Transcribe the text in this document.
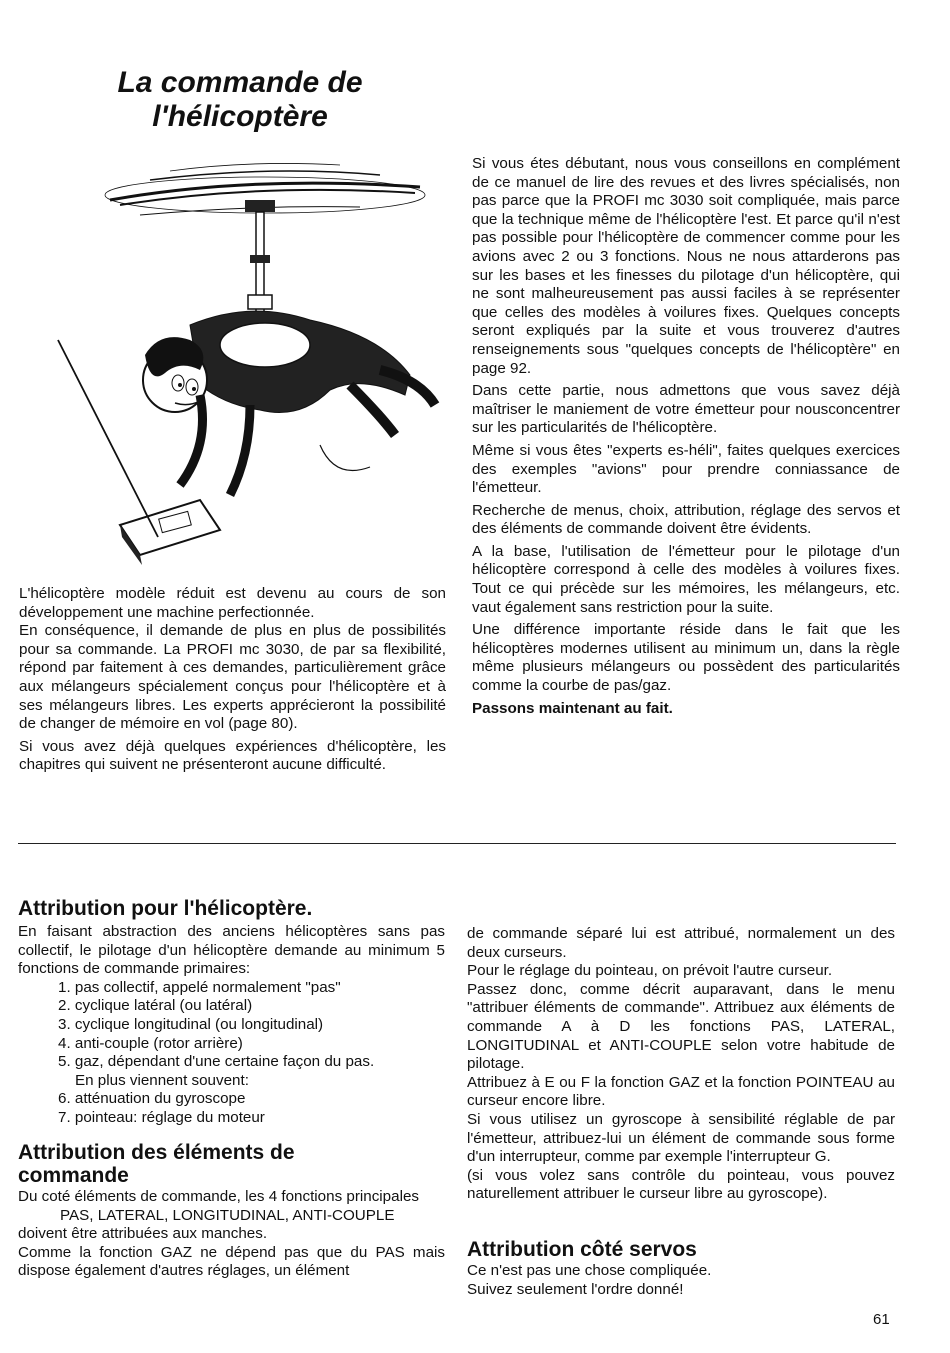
La commande de
l'hélicoptère

L'hélicoptère modèle réduit est devenu au cours de son développement une machine perfectionnée.

En conséquence, il demande de plus en plus de possibilités pour sa commande. La PROFI mc 3030, de par sa flexibilité, répond par faitement à ces demandes, particulièrement grâce aux mélangeurs spécialement conçus pour l'hélicoptère et à ses mélangeurs libres. Les experts apprécieront la possibilité de changer de mémoire en vol (page 80).

Si vous avez déjà quelques expériences d'hélicoptère, les chapitres qui suivent ne présenteront aucune difficulté.

Si vous étes débutant, nous vous conseillons en complément de ce manuel de lire des revues et des livres spécialisés, non pas parce que la PROFI mc 3030 soit compliquée, mais parce que la technique même de l'hélicoptère l'est. Et parce qu'il n'est pas possible pour l'hélicoptère de commencer comme pour les avions avec 2 ou 3 fonctions. Nous ne nous attarderons pas sur les bases et les finesses du pilotage d'un hélicoptère, qui ne sont malheureusement pas aussi faciles à se représenter que celles des modèles à voilures fixes. Quelques concepts seront expliqués par la suite et vous trouverez d'autres renseignements sous "quelques concepts de l'hélicoptère" en page 92.

Dans cette partie, nous admettons que vous savez déjà maîtriser le maniement de votre émetteur pour nousconcentrer sur les particularités de l'hélicoptère.

Même si vous êtes "experts es-héli", faites quelques exercices des exemples "avions" pour prendre conniassance de l'émetteur.

Recherche de menus, choix, attribution, réglage des servos et des éléments de commande doivent être évidents.

A la base, l'utilisation de l'émetteur pour le pilotage d'un hélicoptère correspond à celle des modèles à voilures fixes. Tout ce qui précède sur les mémoires, les mélangeurs, etc. vaut également sans restriction pour la suite.

Une différence importante réside dans le fait que les hélicoptères modernes utilisent au minimum un, dans la règle même plusieurs mélangeurs ou possèdent des particularités comme la courbe de pas/gaz.

Passons maintenant au fait.

Attribution pour l'hélicoptère.

En faisant abstraction des anciens hélicoptères sans pas collectif, le pilotage d'un hélicoptère demande au minimum 5 fonctions de commande primaires:

1. pas collectif, appelé normalement "pas"
2. cyclique latéral (ou latéral)
3. cyclique longitudinal (ou longitudinal)
4. anti-couple (rotor arrière)
5. gaz, dépendant d'une certaine façon du pas.
En plus viennent souvent:
6. atténuation du gyroscope
7. pointeau: réglage du moteur
Attribution des éléments de
commande

Du coté éléments de commande, les 4 fonctions principales

PAS, LATERAL, LONGITUDINAL, ANTI-COUPLE

doivent être attribuées aux manches.

Comme la fonction GAZ ne dépend pas que du PAS mais dispose également d'autres réglages, un élément

de commande séparé lui est attribué, normalement un des deux curseurs.

Pour le réglage du pointeau, on prévoit l'autre curseur.

Passez donc, comme décrit auparavant, dans le menu "attribuer éléments de commande". Attribuez aux éléments de commande A à D les fonctions PAS, LATERAL, LONGITUDINAL et ANTI-COUPLE selon votre habitude de pilotage.

Attribuez à E ou F la fonction GAZ et la fonction POINTEAU au curseur encore libre.

Si vous utilisez un gyroscope à sensibilité réglable de par l'émetteur, attribuez-lui un élément de commande sous forme d'un interrupteur, comme par exemple l'interrupteur G.

(si vous volez sans contrôle du pointeau, vous pouvez naturellement attribuer le curseur libre au gyroscope).

Attribution côté servos

Ce n'est pas une chose compliquée.

Suivez seulement l'ordre donné!

61
